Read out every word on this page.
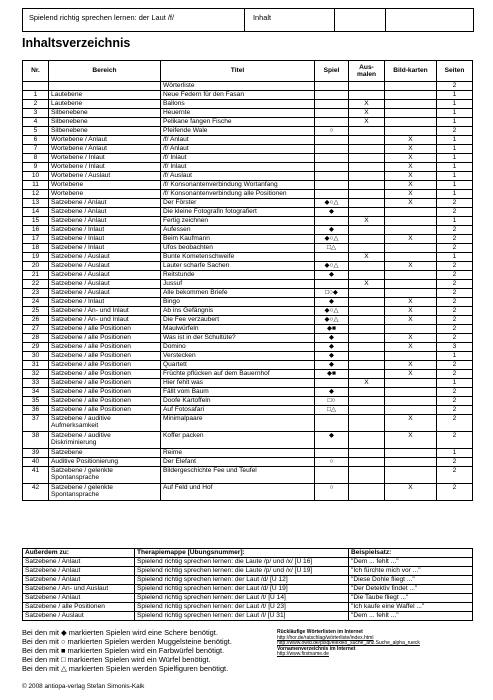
Spielend richtig sprechen lernen: der Laut /f/	Inhalt
Inhaltsverzeichnis
Nr.	Bereich	Titel	Spiel	Aus-malen	Bild-karten	Seiten
		Wörterliste				2
1	Lautebene	Neue Federn für den Fasan				1
2	Lautebene	Ballons		X		1
3	Silbenebene	Heuernte		X		1
4	Silbenebene	Pelikane fangen Fische		X		1
5	Silbenebene	Pfeifende Wale	○			2
6	Wortebene / Anlaut	/f/ Anlaut			X	1
7	Wortebene / Anlaut	/f/ Anlaut			X	1
8	Wortebene / Inlaut	/f/ Inlaut			X	1
9	Wortebene / Inlaut	/f/ Inlaut			X	1
10	Wortebene / Auslaut	/f/ Auslaut			X	1
11	Wortebene	/f/ Konsonantenverbindung Wortanfang			X	1
12	Wortebene	/f/ Konsonantenverbindung alle Positionen			X	1
13	Satzebene / Anlaut	Der Förster	◆○△		X	2
14	Satzebene / Anlaut	Die kleine Fotografin fotografiert	◆			2
15	Satzebene / Anlaut	Fertig zeichnen		X		1
16	Satzebene / Inlaut	Aufessen	◆			2
17	Satzebene / Inlaut	Beim Kaufmann	◆○△		X	2
18	Satzebene / Inlaut	Ufos beobachten	□△			2
19	Satzebene / Auslaut	Bunte Kometenschweife		X		1
20	Satzebene / Auslaut	Lauter scharfe Sachen	◆○△		X	2
21	Satzebene / Auslaut	Reitstunde	◆			2
22	Satzebene / Auslaut	Jussuf		X		2
23	Satzebene / Auslaut	Alle bekommen Briefe	□○◆			2
24	Satzebene / Inlaut	Bingo	◆		X	2
25	Satzebene / An- und Inlaut	Ab ins Gefängnis	◆○△		X	2
26	Satzebene / An- und Inlaut	Die Fee verzaubert	◆○△		X	2
27	Satzebene / alle Positionen	Maulwürfeln	◆■			2
28	Satzebene / alle Positionen	Was ist in der Schultüte?	◆		X	2
29	Satzebene / alle Positionen	Domino	◆		X	3
30	Satzebene / alle Positionen	Verstecken	◆			1
31	Satzebene / alle Positionen	Quartett	◆		X	2
32	Satzebene / alle Positionen	Früchte pflücken auf dem Bauernhof	◆■		X	2
33	Satzebene / alle Positionen	Hier fehlt was		X		1
34	Satzebene / alle Positionen	Fällt vom Baum	◆			2
35	Satzebene / alle Positionen	Doofe Kartoffeln	□○			2
36	Satzebene / alle Positionen	Auf Fotosafari	□△			2
37	Satzebene / auditive Aufmerksamkeit	Minimalpaare			X	2
38	Satzebene / auditive Diskriminierung	Koffer packen	◆		X	2
39	Satzebene	Reime				1
40	Auditive Positionierung	Der Elefant	○			2
41	Satzebene / gelenkte Spontansprache	Bildergeschichte Fee und Teufel				2
42	Satzebene / gelenkte Spontansprache	Auf Feld und Hof	○		X	2
Außerdem zu:	Therapiemappe [Übungsnummer]:	Beispielsatz:
Satzebene / Anlaut	Spielend richtig sprechen lernen: die Laute /p/ und /x/ [Ü 16]	"Dem ... fehlt ..."
Satzebene / Anlaut	Spielend richtig sprechen lernen: die Laute /p/ und /x/ [Ü 19]	"Ich fürchte mich vor ..."
Satzebene / Anlaut	Spielend richtig sprechen lernen: der Laut /d/ [Ü 12]	"Diese Dohle fliegt ..."
Satzebene / An- und Auslaut	Spielend richtig sprechen lernen: der Laut /d/ [Ü 19]	"Der Detektiv findet ..."
Satzebene / Anlaut	Spielend richtig sprechen lernen: der Laut /t/ [Ü 14]	"Die Taube fliegt ..."
Satzebene / alle Positionen	Spielend richtig sprechen lernen: der Laut /t/ [Ü 23]	"Ich kaufe eine Waffel ..."
Satzebene / Auslaut	Spielend richtig sprechen lernen: der Laut /l/ [Ü 31]	"Dem ... fehlt ..."
Bei den mit ◆ markierten Spielen wird eine Schere benötigt.
Bei den mit ○ markierten Spielen werden Muggelsteine benötigt.
Bei den mit ■ markierten Spielen wird ein Farbwürfel benötigt.
Bei den mit □ markierten Spielen wird ein Würfel benötigt.
Bei den mit △ markierten Spielen werden Spielfiguren benötigt.
Rückläufige Wörterlisten im Internet
http://hor.de/ratschlag/wörterliste/index.html
http://www.owid.de/plsql/elexiko_suche_anz.Suche_alpha_rueck
Vornamenverzeichnis im Internet
http://www.firstname.de
© 2008 antiopa-verlag Stefan Simonis-Kalk
